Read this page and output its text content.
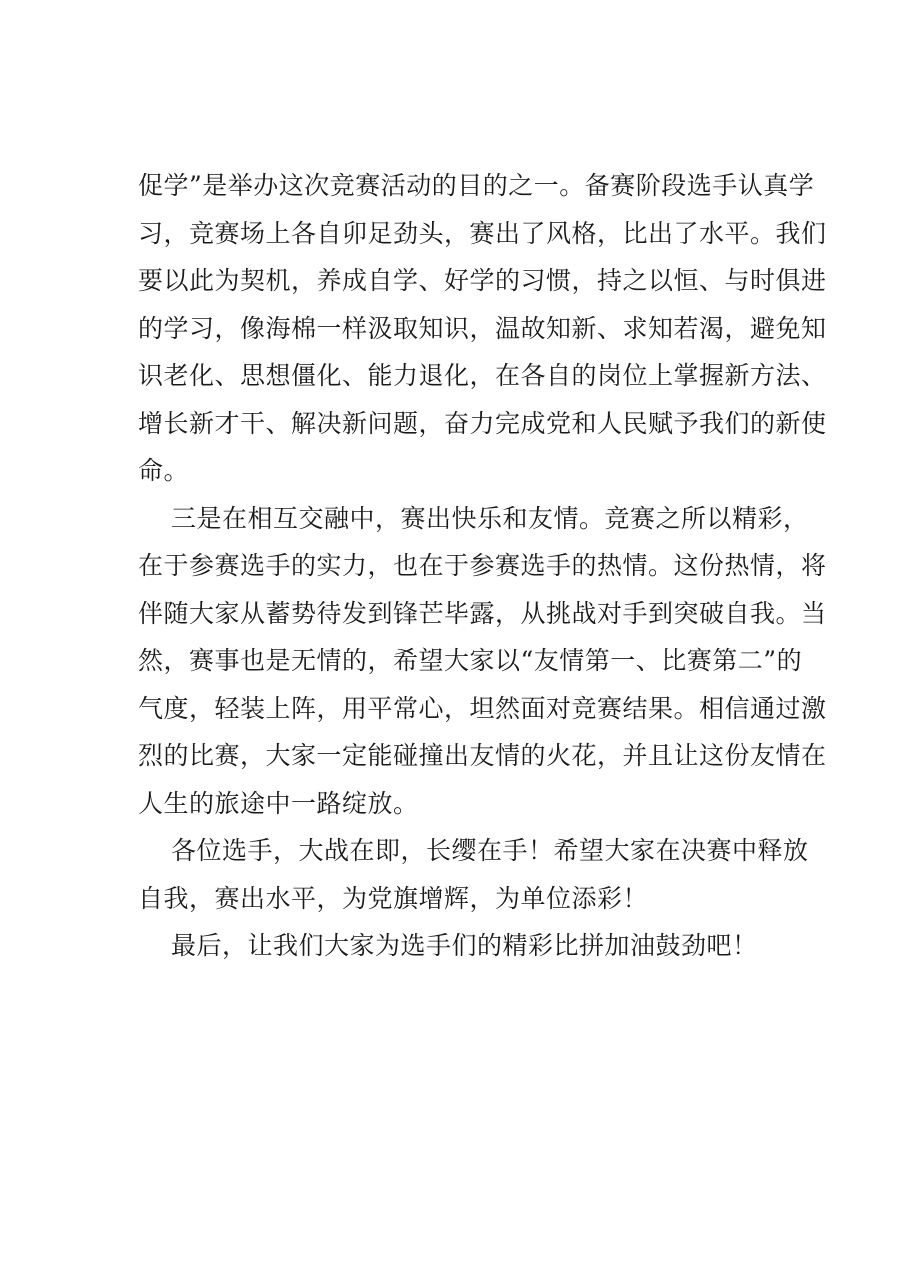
促学”是举办这次竞赛活动的目的之一。备赛阶段选手认真学
习，竞赛场上各自卯足劲头，赛出了风格，比出了水平。我们
要以此为契机，养成自学、好学的习惯，持之以恒、与时俱进
的学习，像海棉一样汲取知识，温故知新、求知若渴，避免知
识老化、思想僵化、能力退化，在各自的岗位上掌握新方法、
增长新才干、解决新问题，奋力完成党和人民赋予我们的新使
命。
三是在相互交融中，赛出快乐和友情。竞赛之所以精彩，
在于参赛选手的实力，也在于参赛选手的热情。这份热情，将
伴随大家从蓄势待发到锋芒毕露，从挑战对手到突破自我。当
然，赛事也是无情的，希望大家以“友情第一、比赛第二”的
气度，轻装上阵，用平常心，坦然面对竞赛结果。相信通过激
烈的比赛，大家一定能碰撞出友情的火花，并且让这份友情在
人生的旅途中一路绽放。
各位选手，大战在即，长缨在手！希望大家在决赛中释放
自我，赛出水平，为党旗增辉，为单位添彩！
最后，让我们大家为选手们的精彩比拼加油鼓劲吧！
